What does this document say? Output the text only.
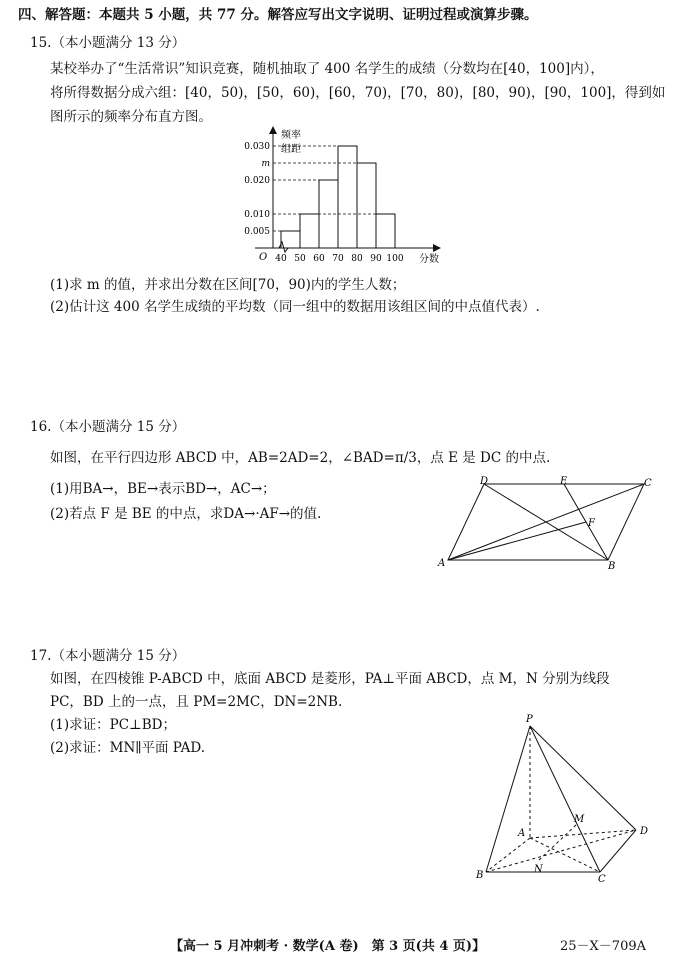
四、解答题：本题共 5 小题，共 77 分。解答应写出文字说明、证明过程或演算步骤。
15.（本小题满分 13 分）
某校举办了“生活常识”知识竞赛，随机抽取了 400 名学生的成绩（分数均在[40，100]内），
将所得数据分成六组：[40，50)，[50，60)，[60，70)，[70，80)，[80，90)，[90，100]，得到如
图所示的频率分布直方图。
频率
组距
O	分数
40 50 60 70 80 90 100
0.005
0.010
0.020
m
0.030
(1)求 m 的值，并求出分数在区间[70，90)内的学生人数；
(2)估计这 400 名学生成绩的平均数（同一组中的数据用该组区间的中点值代表）.
16.（本小题满分 15 分）
如图，在平行四边形 ABCD 中，AB=2AD=2，∠BAD=π/3，点 E 是 DC 的中点.
(1)用BA→，BE→表示BD→，AC→；
(2)若点 F 是 BE 的中点，求DA→·AF→的值.
A	B
C
D	E
F
17.（本小题满分 15 分）
如图，在四棱锥 P-ABCD 中，底面 ABCD 是菱形，PA⊥平面 ABCD，点 M，N 分别为线段
PC，BD 上的一点，且 PM=2MC，DN=2NB.
(1)求证：PC⊥BD；
(2)求证：MN∥平面 PAD.
P
A
B	C
D
M
N
【高一 5 月冲刺考 · 数学(A 卷)　第 3 页(共 4 页)】	25－X－709A
